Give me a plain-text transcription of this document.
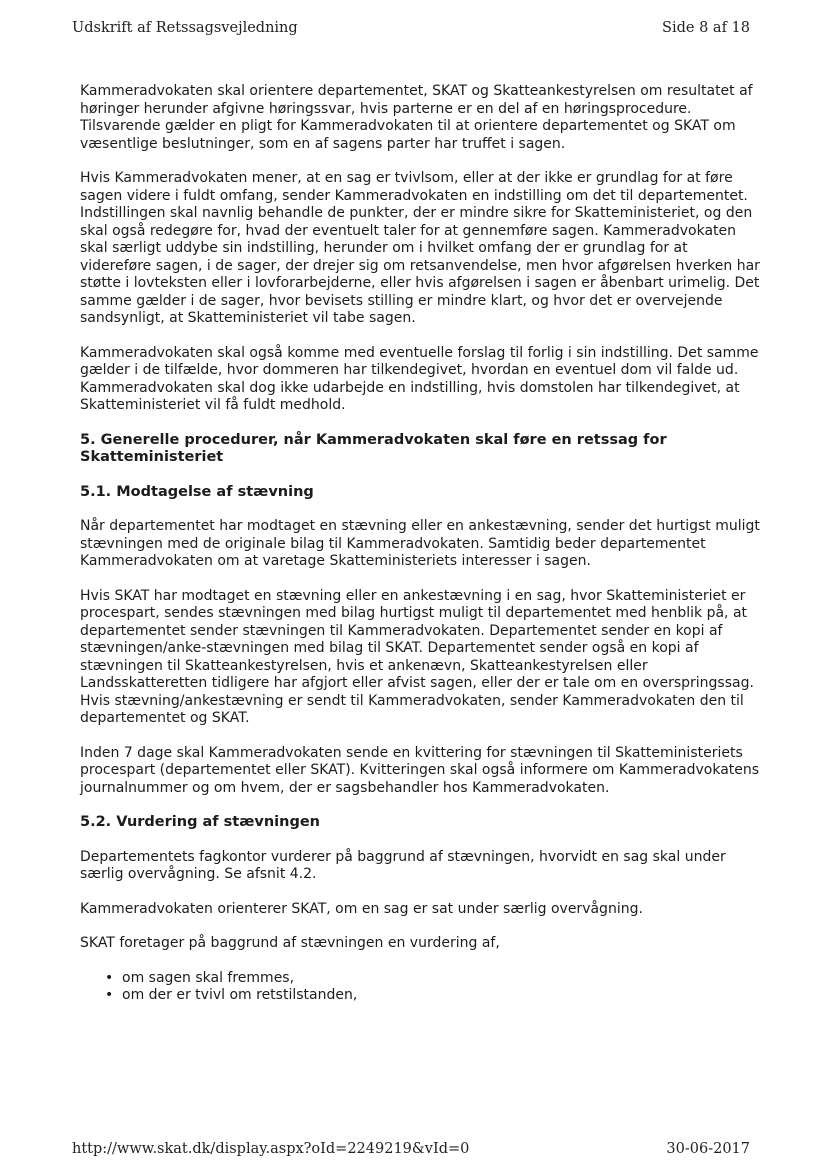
Udskrift af Retssagsvejledning	Side 8 af 18

Kammeradvokaten skal orientere departementet, SKAT og Skatteankestyrelsen om resultatet af høringer herunder afgivne høringssvar, hvis parterne er en del af en høringsprocedure. Tilsvarende gælder en pligt for Kammeradvokaten til at orientere departementet og SKAT om væsentlige beslutninger, som en af sagens parter har truffet i sagen.

Hvis Kammeradvokaten mener, at en sag er tvivlsom, eller at der ikke er grundlag for at føre sagen videre i fuldt omfang, sender Kammeradvokaten en indstilling om det til departementet. Indstillingen skal navnlig behandle de punkter, der er mindre sikre for Skatteministeriet, og den skal også redegøre for, hvad der eventuelt taler for at gennemføre sagen. Kammeradvokaten skal særligt uddybe sin indstilling, herunder om i hvilket omfang der er grundlag for at videreføre sagen, i de sager, der drejer sig om retsanvendelse, men hvor afgørelsen hverken har støtte i lovteksten eller i lovforarbejderne, eller hvis afgørelsen i sagen er åbenbart urimelig. Det samme gælder i de sager, hvor bevisets stilling er mindre klart, og hvor det er overvejende sandsynligt, at Skatteministeriet vil tabe sagen.

Kammeradvokaten skal også komme med eventuelle forslag til forlig i sin indstilling. Det samme gælder i de tilfælde, hvor dommeren har tilkendegivet, hvordan en eventuel dom vil falde ud. Kammeradvokaten skal dog ikke udarbejde en indstilling, hvis domstolen har tilkendegivet, at Skatteministeriet vil få fuldt medhold.

5. Generelle procedurer, når Kammeradvokaten skal føre en retssag for Skatteministeriet
5.1. Modtagelse af stævning

Når departementet har modtaget en stævning eller en ankestævning, sender det hurtigst muligt stævningen med de originale bilag til Kammeradvokaten. Samtidig beder departementet Kammeradvokaten om at varetage Skatteministeriets interesser i sagen.

Hvis SKAT har modtaget en stævning eller en ankestævning i en sag, hvor Skatteministeriet er procespart, sendes stævningen med bilag hurtigst muligt til departementet med henblik på, at departementet sender stævningen til Kammeradvokaten. Departementet sender en kopi af stævningen/anke-stævningen med bilag til SKAT. Departementet sender også en kopi af stævningen til Skatteankestyrelsen, hvis et ankenævn, Skatteankestyrelsen eller Landsskatteretten tidligere har afgjort eller afvist sagen, eller der er tale om en overspringssag. Hvis stævning/ankestævning er sendt til Kammeradvokaten, sender Kammeradvokaten den til departementet og SKAT.

Inden 7 dage skal Kammeradvokaten sende en kvittering for stævningen til Skatteministeriets procespart (departementet eller SKAT). Kvitteringen skal også informere om Kammeradvokatens journalnummer og om hvem, der er sagsbehandler hos Kammeradvokaten.

5.2. Vurdering af stævningen

Departementets fagkontor vurderer på baggrund af stævningen, hvorvidt en sag skal under særlig overvågning. Se afsnit 4.2.

Kammeradvokaten orienterer SKAT, om en sag er sat under særlig overvågning.

SKAT foretager på baggrund af stævningen en vurdering af,

• om sagen skal fremmes,
• om der er tvivl om retstilstanden,
http://www.skat.dk/display.aspx?oId=2249219&vId=0	30-06-2017
